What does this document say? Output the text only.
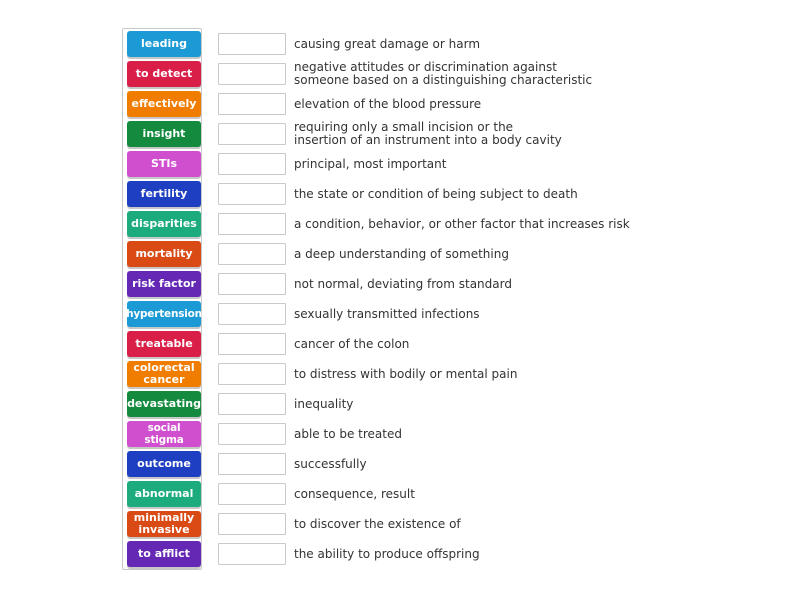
leading
to detect
effectively
insight
STIs
fertility
disparities
mortality
risk factor
hypertension
treatable
colorectal
cancer
devastating
social stigma
outcome
abnormal
minimally
invasive
to afflict
causing great damage or harm
negative attitudes or discrimination against
someone based on a distinguishing characteristic
elevation of the blood pressure
requiring only a small incision or the
insertion of an instrument into a body cavity
principal, most important
the state or condition of being subject to death
a condition, behavior, or other factor that increases risk
a deep understanding of something
not normal, deviating from standard
sexually transmitted infections
cancer of the colon
to distress with bodily or mental pain
inequality
able to be treated
successfully
consequence, result
to discover the existence of
the ability to produce offspring
